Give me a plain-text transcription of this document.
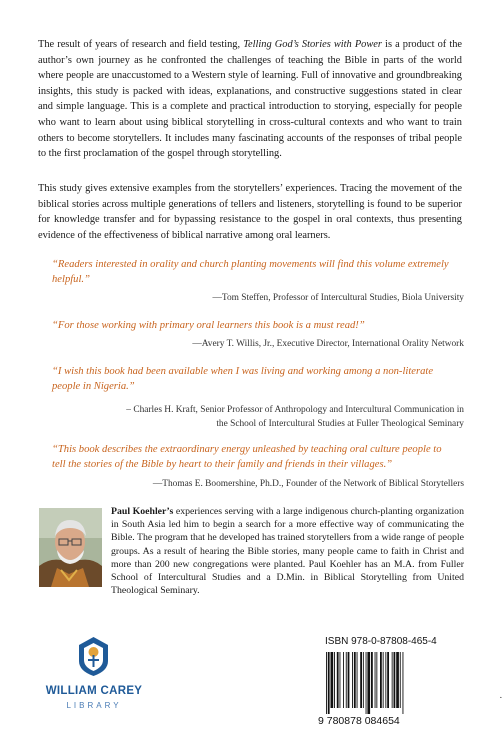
The result of years of research and field testing, Telling God’s Stories with Power is a product of the author’s own journey as he confronted the challenges of teaching the Bible in parts of the world where people are unaccustomed to a Western style of learning. Full of innovative and groundbreaking insights, this study is packed with ideas, explanations, and constructive suggestions stated in clear and simple language. This is a complete and practical introduction to storying, especially for people who want to learn about using biblical storytelling in cross-cultural contexts and who want to train others to become storytellers. It includes many fascinating accounts of the responses of tribal people to the first proclamation of the gospel through storytelling.

This study gives extensive examples from the storytellers’ experiences. Tracing the movement of the biblical stories across multiple generations of tellers and listeners, storytelling is found to be superior for knowledge transfer and for bypassing resistance to the gospel in oral contexts, thus presenting evidence of the effectiveness of biblical narrative among oral learners.

“Readers interested in orality and church planting movements will find this volume extremely helpful.”

—Tom Steffen, Professor of Intercultural Studies, Biola University

“For those working with primary oral learners this book is a must read!”

—Avery T. Willis, Jr., Executive Director, International Orality Network

“I wish this book had been available when I was living and working among a non-literate people in Nigeria.”

– Charles H. Kraft, Senior Professor of Anthropology and Intercultural Communication in
the School of Intercultural Studies at Fuller Theological Seminary

“This book describes the extraordinary energy unleashed by teaching oral culture people to tell the stories of the Bible by heart to their family and friends in their villages.”

—Thomas E. Boomershine, Ph.D., Founder of the Network of Biblical Storytellers

Paul Koehler’s experiences serving with a large indigenous church-planting organization in South Asia led him to begin a search for a more effective way of communicating the Bible. The program that he developed has trained storytellers from a wide range of people groups. As a result of hearing the Bible stories, many people came to faith in Christ and more than 200 new congregations were planted. Paul Koehler has an M.A. from Fuller School of Intercultural Studies and a D.Min. in Biblical Storytelling from United Theological Seminary.

WILLIAM CAREY
LIBRARY
ISBN 978-0-87808-465-4
9 780878 084654
.
